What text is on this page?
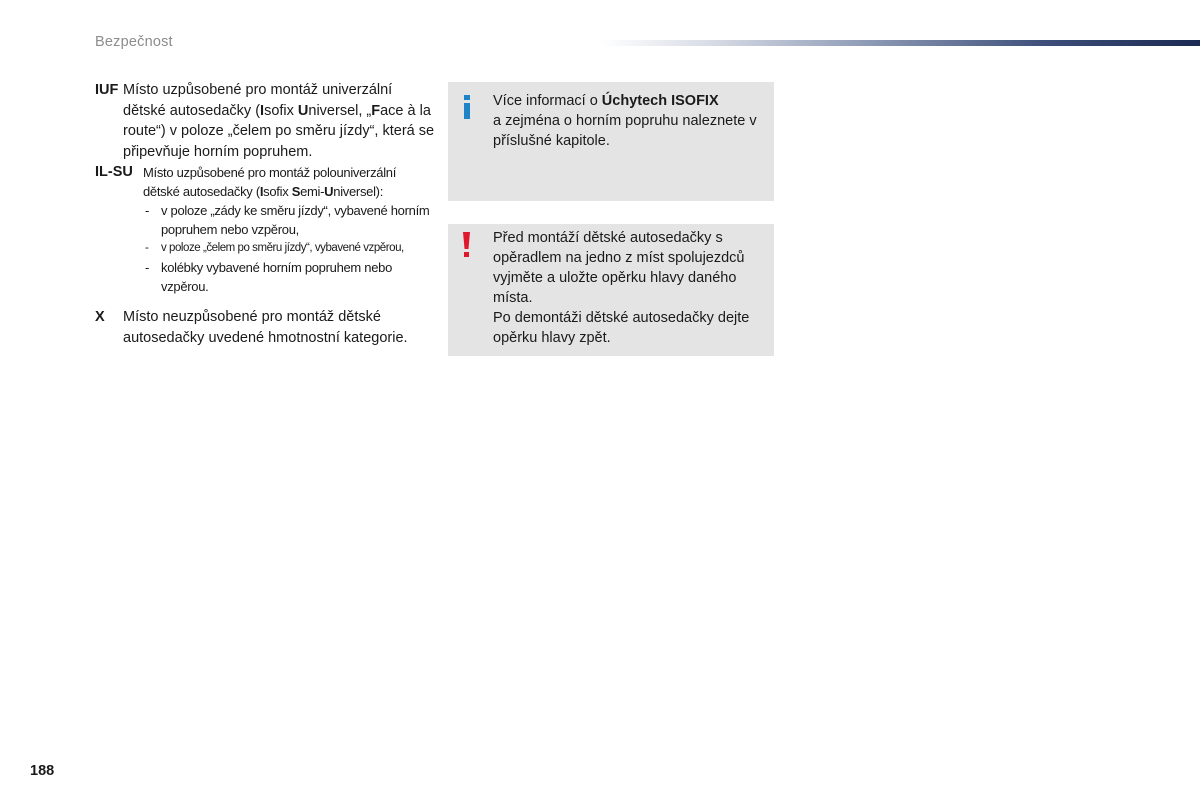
Bezpečnost
IUF Místo uzpůsobené pro montáž univerzální dětské autosedačky (Isofix Universel, „Face à la route“) v poloze „čelem po směru jízdy“, která se připevňuje horním popruhem.
IL-SU Místo uzpůsobené pro montáž polouniverzální dětské autosedačky (Isofix Semi-Universel):
- v poloze „zády ke směru jízdy“, vybavené horním popruhem nebo vzpěrou,
- v poloze „čelem po směru jízdy“, vybavené vzpěrou,
- kolébky vybavené horním popruhem nebo vzpěrou.
X Místo neuzpůsobené pro montáž dětské autosedačky uvedené hmotnostní kategorie.
Více informací o Úchytech ISOFIX
a zejména o horním popruhu naleznete v příslušné kapitole.
Před montáží dětské autosedačky s opěradlem na jedno z míst spolujezdců vyjměte a uložte opěrku hlavy daného místa.
Po demontáži dětské autosedačky dejte opěrku hlavy zpět.
188
